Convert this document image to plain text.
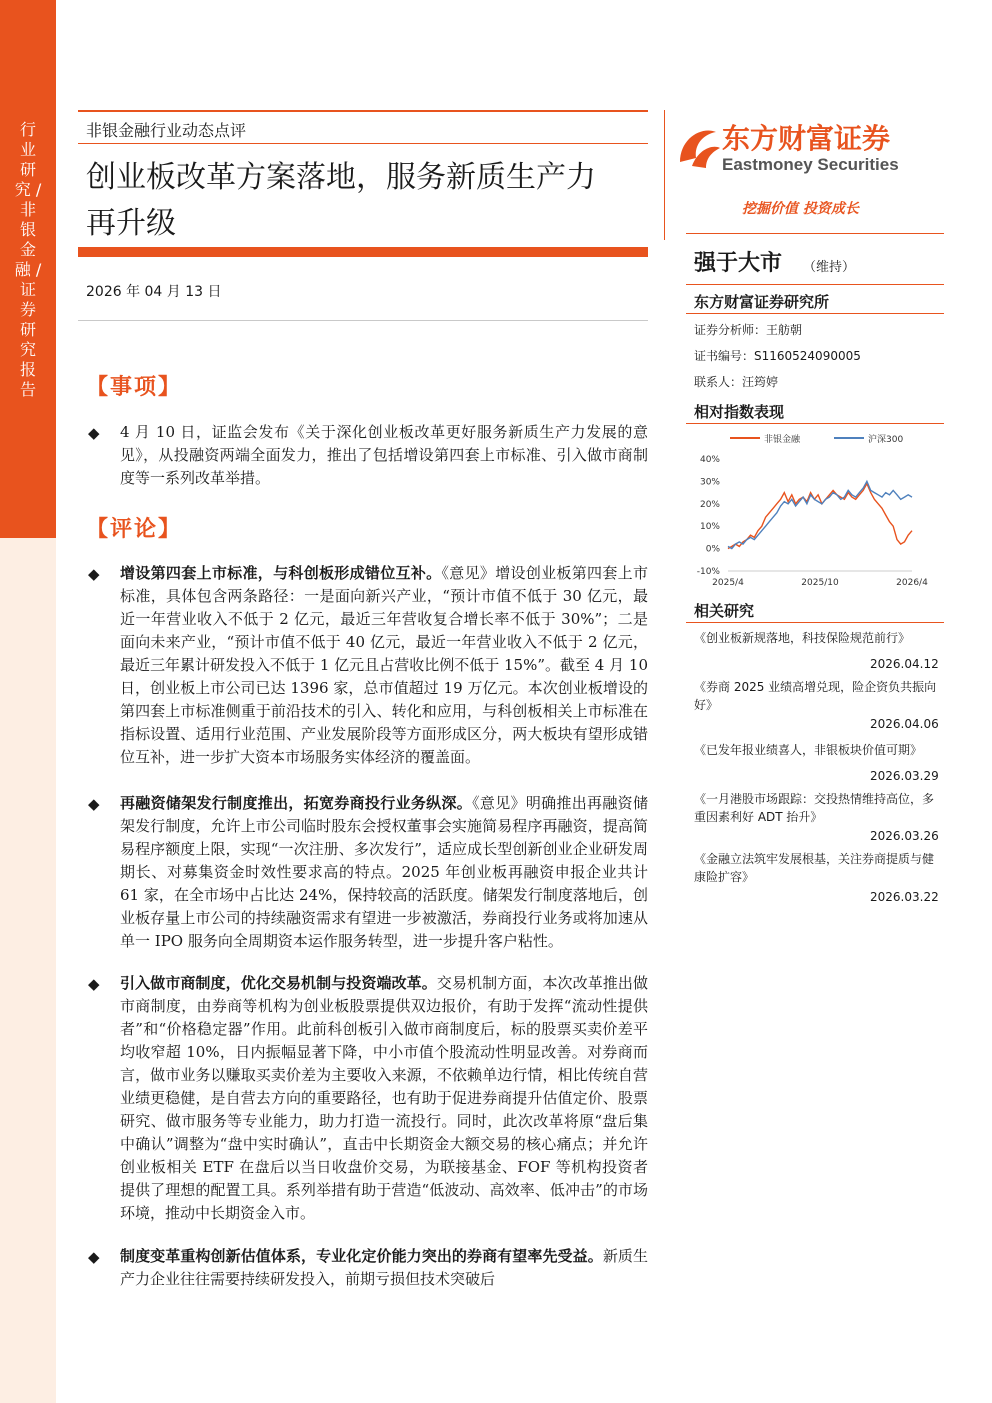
行业研究 / 非银金融 / 证券研究报告
非银金融行业动态点评
创业板改革方案落地，服务新质生产力
再升级
2026 年 04 月 13 日
【事项】
◆ 4 月 10 日，证监会发布《关于深化创业板改革更好服务新质生产力发展的意见》，从投融资两端全面发力，推出了包括增设第四套上市标准、引入做市商制度等一系列改革举措。
【评论】
◆ 增设第四套上市标准，与科创板形成错位互补。《意见》增设创业板第四套上市标准，具体包含两条路径：一是面向新兴产业，“预计市值不低于 30 亿元，最近一年营业收入不低于 2 亿元，最近三年营收复合增长率不低于 30%”；二是面向未来产业，“预计市值不低于 40 亿元，最近一年营业收入不低于 2 亿元，最近三年累计研发投入不低于 1 亿元且占营收比例不低于 15%”。截至 4 月 10 日，创业板上市公司已达 1396 家，总市值超过 19 万亿元。本次创业板增设的第四套上市标准侧重于前沿技术的引入、转化和应用，与科创板相关上市标准在指标设置、适用行业范围、产业发展阶段等方面形成区分，两大板块有望形成错位互补，进一步扩大资本市场服务实体经济的覆盖面。
◆ 再融资储架发行制度推出，拓宽券商投行业务纵深。《意见》明确推出再融资储架发行制度，允许上市公司临时股东会授权董事会实施简易程序再融资，提高简易程序额度上限，实现“一次注册、多次发行”，适应成长型创新创业企业研发周期长、对募集资金时效性要求高的特点。2025 年创业板再融资申报企业共计 61 家，在全市场中占比达 24%，保持较高的活跃度。储架发行制度落地后，创业板存量上市公司的持续融资需求有望进一步被激活，券商投行业务或将加速从单一 IPO 服务向全周期资本运作服务转型，进一步提升客户粘性。
◆ 引入做市商制度，优化交易机制与投资端改革。交易机制方面，本次改革推出做市商制度，由券商等机构为创业板股票提供双边报价，有助于发挥“流动性提供者”和“价格稳定器”作用。此前科创板引入做市商制度后，标的股票买卖价差平均收窄超 10%，日内振幅显著下降，中小市值个股流动性明显改善。对券商而言，做市业务以赚取买卖价差为主要收入来源，不依赖单边行情，相比传统自营业绩更稳健，是自营去方向的重要路径，也有助于促进券商提升估值定价、股票研究、做市服务等专业能力，助力打造一流投行。同时，此次改革将原“盘后集中确认”调整为“盘中实时确认”，直击中长期资金大额交易的核心痛点；并允许创业板相关 ETF 在盘后以当日收盘价交易，为联接基金、FOF 等机构投资者提供了理想的配置工具。系列举措有助于营造“低波动、高效率、低冲击”的市场环境，推动中长期资金入市。
◆ 制度变革重构创新估值体系，专业化定价能力突出的券商有望率先受益。新质生产力企业往往需要持续研发投入，前期亏损但技术突破后
东方财富证券
Eastmoney Securities
挖掘价值 投资成长
强于大市 （维持）
东方财富证券研究所
证券分析师：王舫朝
证书编号：S1160524090005
联系人：汪筠婷
相对指数表现
非银金融	沪深300
40%
30%
20%
10%
0%
-10%
2025/4	2025/10	2026/4
相关研究
《创业板新规落地，科技保险规范前行》
2026.04.12
《券商 2025 业绩高增兑现，险企资负共振向好》
2026.04.06
《已发年报业绩喜人，非银板块价值可期》
2026.03.29
《一月港股市场跟踪：交投热情维持高位，多重因素利好 ADT 抬升》
2026.03.26
《金融立法筑牢发展根基，关注券商提质与健康险扩容》
2026.03.22
